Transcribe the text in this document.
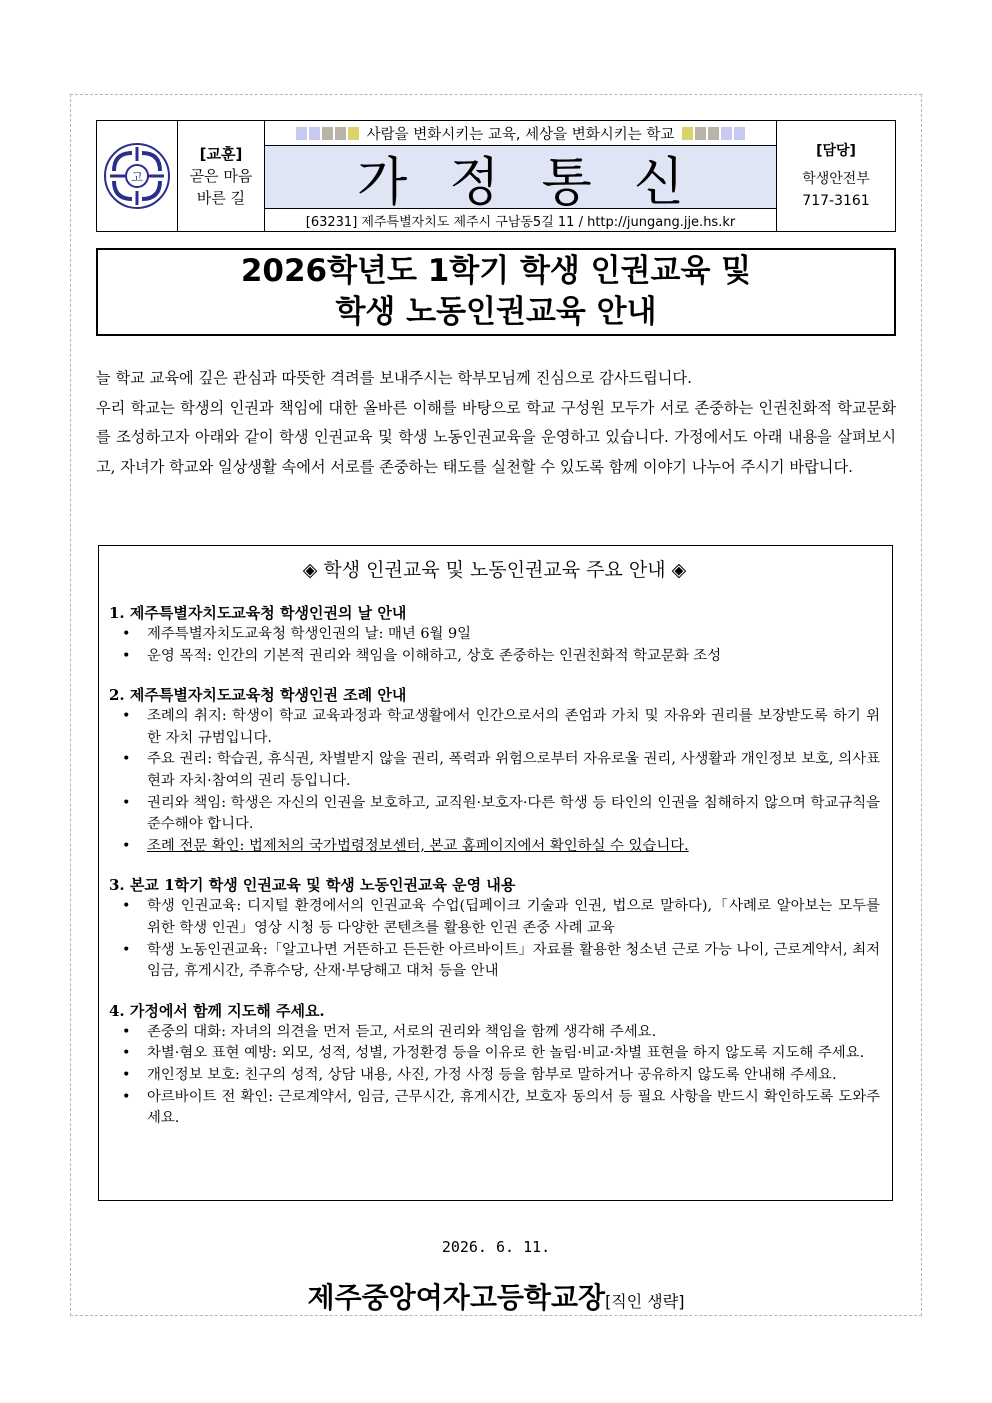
고
[교훈]
곧은 마음
바른 길
사람을 변화시키는 교육, 세상을 변화시키는 학교
가정통신
[63231] 제주특별자치도 제주시 구남동5길 11 / http://jungang.jje.hs.kr
[담당]
학생안전부
717-3161
2026학년도 1학기 학생 인권교육 및
학생 노동인권교육 안내

늘 학교 교육에 깊은 관심과 따뜻한 격려를 보내주시는 학부모님께 진심으로 감사드립니다.

우리 학교는 학생의 인권과 책임에 대한 올바른 이해를 바탕으로 학교 구성원 모두가 서로 존중하는 인권친화적 학교문화를 조성하고자 아래와 같이 학생 인권교육 및 학생 노동인권교육을 운영하고 있습니다. 가정에서도 아래 내용을 살펴보시고, 자녀가 학교와 일상생활 속에서 서로를 존중하는 태도를 실천할 수 있도록 함께 이야기 나누어 주시기 바랍니다.

◈ 학생 인권교육 및 노동인권교육 주요 안내 ◈
1. 제주특별자치도교육청 학생인권의 날 안내
• 제주특별자치도교육청 학생인권의 날: 매년 6월 9일
• 운영 목적: 인간의 기본적 권리와 책임을 이해하고, 상호 존중하는 인권친화적 학교문화 조성
2. 제주특별자치도교육청 학생인권 조례 안내
• 조례의 취지: 학생이 학교 교육과정과 학교생활에서 인간으로서의 존엄과 가치 및 자유와 권리를 보장받도록 하기 위한 자치 규범입니다.
• 주요 권리: 학습권, 휴식권, 차별받지 않을 권리, 폭력과 위험으로부터 자유로울 권리, 사생활과 개인정보 보호, 의사표현과 자치·참여의 권리 등입니다.
• 권리와 책임: 학생은 자신의 인권을 보호하고, 교직원·보호자·다른 학생 등 타인의 인권을 침해하지 않으며 학교규칙을 준수해야 합니다.
• 조례 전문 확인: 법제처의 국가법령정보센터, 본교 홈페이지에서 확인하실 수 있습니다.
3. 본교 1학기 학생 인권교육 및 학생 노동인권교육 운영 내용
• 학생 인권교육: 디지털 환경에서의 인권교육 수업(딥페이크 기술과 인권, 법으로 말하다),「사례로 알아보는 모두를 위한 학생 인권」영상 시청 등 다양한 콘텐츠를 활용한 인권 존중 사례 교육
• 학생 노동인권교육:「알고나면 거뜬하고 든든한 아르바이트」자료를 활용한 청소년 근로 가능 나이, 근로계약서, 최저임금, 휴게시간, 주휴수당, 산재·부당해고 대처 등을 안내
4. 가정에서 함께 지도해 주세요.
• 존중의 대화: 자녀의 의견을 먼저 듣고, 서로의 권리와 책임을 함께 생각해 주세요.
• 차별·혐오 표현 예방: 외모, 성적, 성별, 가정환경 등을 이유로 한 놀림·비교·차별 표현을 하지 않도록 지도해 주세요.
• 개인정보 보호: 친구의 성적, 상담 내용, 사진, 가정 사정 등을 함부로 말하거나 공유하지 않도록 안내해 주세요.
• 아르바이트 전 확인: 근로계약서, 임금, 근무시간, 휴게시간, 보호자 동의서 등 필요 사항을 반드시 확인하도록 도와주세요.
2026. 6. 11.
제주중앙여자고등학교장[직인 생략]
